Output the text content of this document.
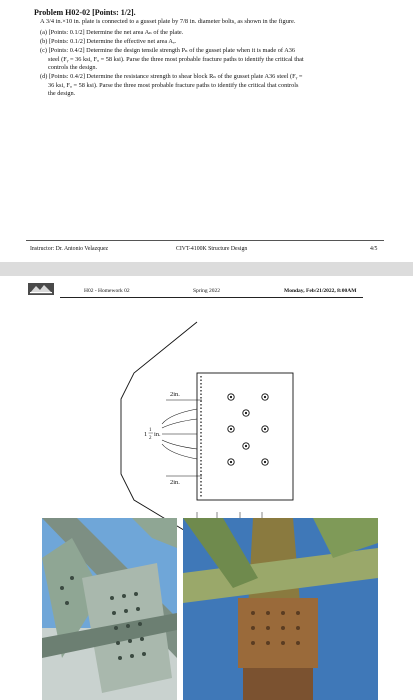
Problem H02-02 [Points: 1/2].
A 3/4 in.×10 in. plate is connected to a gusset plate by 7/8 in. diameter bolts, as shown in the figure.
(a) [Points: 0.1/2] Determine the net area Aₙ of the plate.
(b) [Points: 0.1/2] Determine the effective net area Aₑ.
(c) [Points: 0.4/2] Determine the design tensile strength Pₙ of the gusset plate when it is made of A36
steel (Fᵧ = 36 ksi, Fᵤ = 58 ksi). Parse the three most probable fracture paths to identify the critical that
controls the design.
(d) [Points: 0.4/2] Determine the resistance strength to shear block Rₙ of the gusset plate A36 steel (Fᵧ =
36 ksi, Fᵤ = 58 ksi). Parse the three most probable fracture paths to identify the critical that controls
the design.
Instructor: Dr. Antonio Velazquez	CIVT-4100K Structure Design	4/5
H02 - Homework 02	Spring 2022	Monday, Feb/21/2022, 8:00AM
2in.
1
1
2
in.
2in.
